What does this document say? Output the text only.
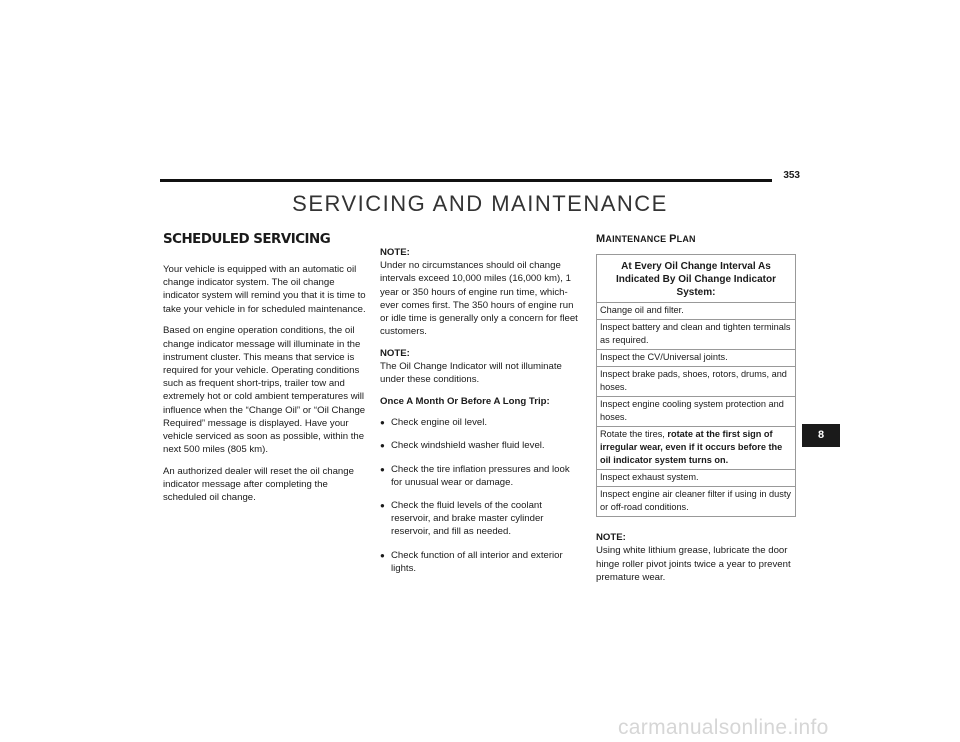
353
SERVICING AND MAINTENANCE
SCHEDULED SERVICING

Your vehicle is equipped with an automatic oil change indicator system. The oil change indicator system will remind you that it is time to take your vehicle in for scheduled maintenance.

Based on engine operation conditions, the oil change indicator message will illuminate in the instrument cluster. This means that service is required for your vehicle. Operating conditions such as frequent short-trips, trailer tow and extremely hot or cold ambient temperatures will influence when the “Change Oil” or “Oil Change Required” message is displayed. Have your vehicle serviced as soon as possible, within the next 500 miles (805 km).

An authorized dealer will reset the oil change indicator message after completing the scheduled oil change.

NOTE:

Under no circumstances should oil change intervals exceed 10,000 miles (16,000 km), 1 year or 350 hours of engine run time, which-ever comes first. The 350 hours of engine run or idle time is generally only a concern for fleet customers.

NOTE:

The Oil Change Indicator will not illuminate under these conditions.

Once A Month Or Before A Long Trip:
● Check engine oil level.
● Check windshield washer fluid level.
● Check the tire inflation pressures and look for unusual wear or damage.
● Check the fluid levels of the coolant reservoir, and brake master cylinder reservoir, and fill as needed.
● Check function of all interior and exterior lights.
MAINTENANCE PLAN
At Every Oil Change Interval As Indicated By Oil Change Indicator System:
Change oil and filter.
Inspect battery and clean and tighten terminals as required.
Inspect the CV/Universal joints.
Inspect brake pads, shoes, rotors, drums, and hoses.
Inspect engine cooling system protection and hoses.
Rotate the tires, rotate at the first sign of irregular wear, even if it occurs before the oil indicator system turns on.
Inspect exhaust system.
Inspect engine air cleaner filter if using in dusty or off-road conditions.
NOTE:
Using white lithium grease, lubricate the door hinge roller pivot joints twice a year to prevent premature wear.
8
carmanualsonline.info
